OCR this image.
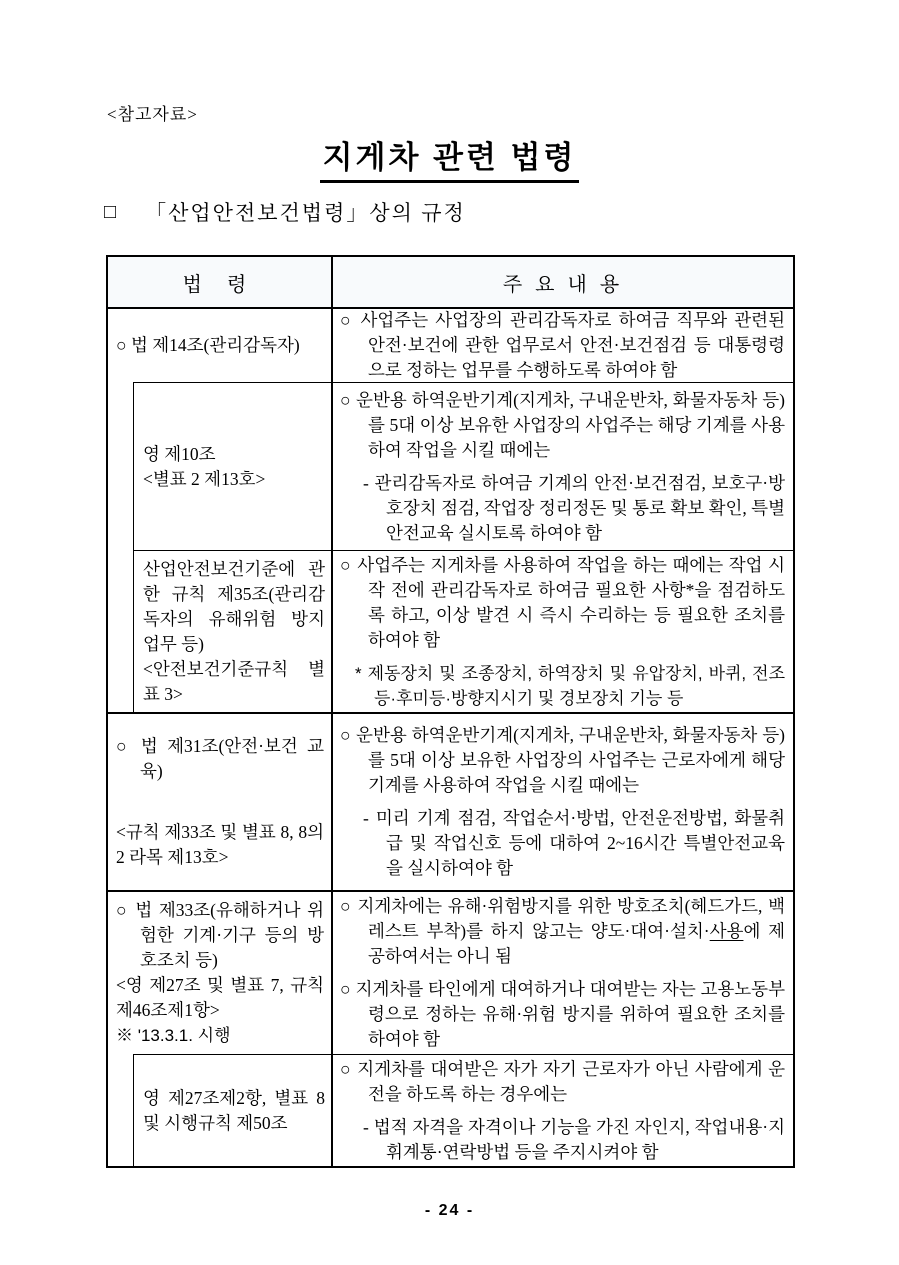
<참고자료>
지게차 관련 법령
□ 「산업안전보건법령」상의 규정
법 령	주 요 내 용

○ 법 제14조(관리감독자)

○ 사업주는 사업장의 관리감독자로 하여금 직무와 관련된 안전·보건에 관한 업무로서 안전·보건점검 등 대통령령으로 정하는 업무를 수행하도록 하여야 함

영 제10조

<별표 2 제13호>

○ 운반용 하역운반기계(지게차, 구내운반차, 화물자동차 등)를 5대 이상 보유한 사업장의 사업주는 해당 기계를 사용하여 작업을 시킬 때에는

- 관리감독자로 하여금 기계의 안전·보건점검, 보호구·방호장치 점검, 작업장 정리정돈 및 통로 확보 확인, 특별안전교육 실시토록 하여야 함

산업안전보건기준에 관한 규칙 제35조(관리감독자의 유해위험 방지 업무 등)

<안전보건기준규칙 별표 3>

○ 사업주는 지게차를 사용하여 작업을 하는 때에는 작업 시작 전에 관리감독자로 하여금 필요한 사항*을 점검하도록 하고, 이상 발견 시 즉시 수리하는 등 필요한 조치를 하여야 함

* 제동장치 및 조종장치, 하역장치 및 유압장치, 바퀴, 전조등·후미등·방향지시기 및 경보장치 기능 등

○ 법 제31조(안전·보건 교육)

<규칙 제33조 및 별표 8, 8의2 라목 제13호>

○ 운반용 하역운반기계(지게차, 구내운반차, 화물자동차 등)를 5대 이상 보유한 사업장의 사업주는 근로자에게 해당 기계를 사용하여 작업을 시킬 때에는

- 미리 기계 점검, 작업순서·방법, 안전운전방법, 화물취급 및 작업신호 등에 대하여 2~16시간 특별안전교육을 실시하여야 함

○ 법 제33조(유해하거나 위험한 기계·기구 등의 방호조치 등)

<영 제27조 및 별표 7, 규칙 제46조제1항>

※ '13.3.1. 시행

○ 지게차에는 유해·위험방지를 위한 방호조치(헤드가드, 백레스트 부착)를 하지 않고는 양도·대여·설치·사용에 제공하여서는 아니 됨

○ 지게차를 타인에게 대여하거나 대여받는 자는 고용노동부령으로 정하는 유해·위험 방지를 위하여 필요한 조치를 하여야 함

영 제27조제2항, 별표 8 및 시행규칙 제50조

○ 지게차를 대여받은 자가 자기 근로자가 아닌 사람에게 운전을 하도록 하는 경우에는

- 법적 자격을 자격이나 기능을 가진 자인지, 작업내용·지휘계통·연락방법 등을 주지시켜야 함

- 24 -
